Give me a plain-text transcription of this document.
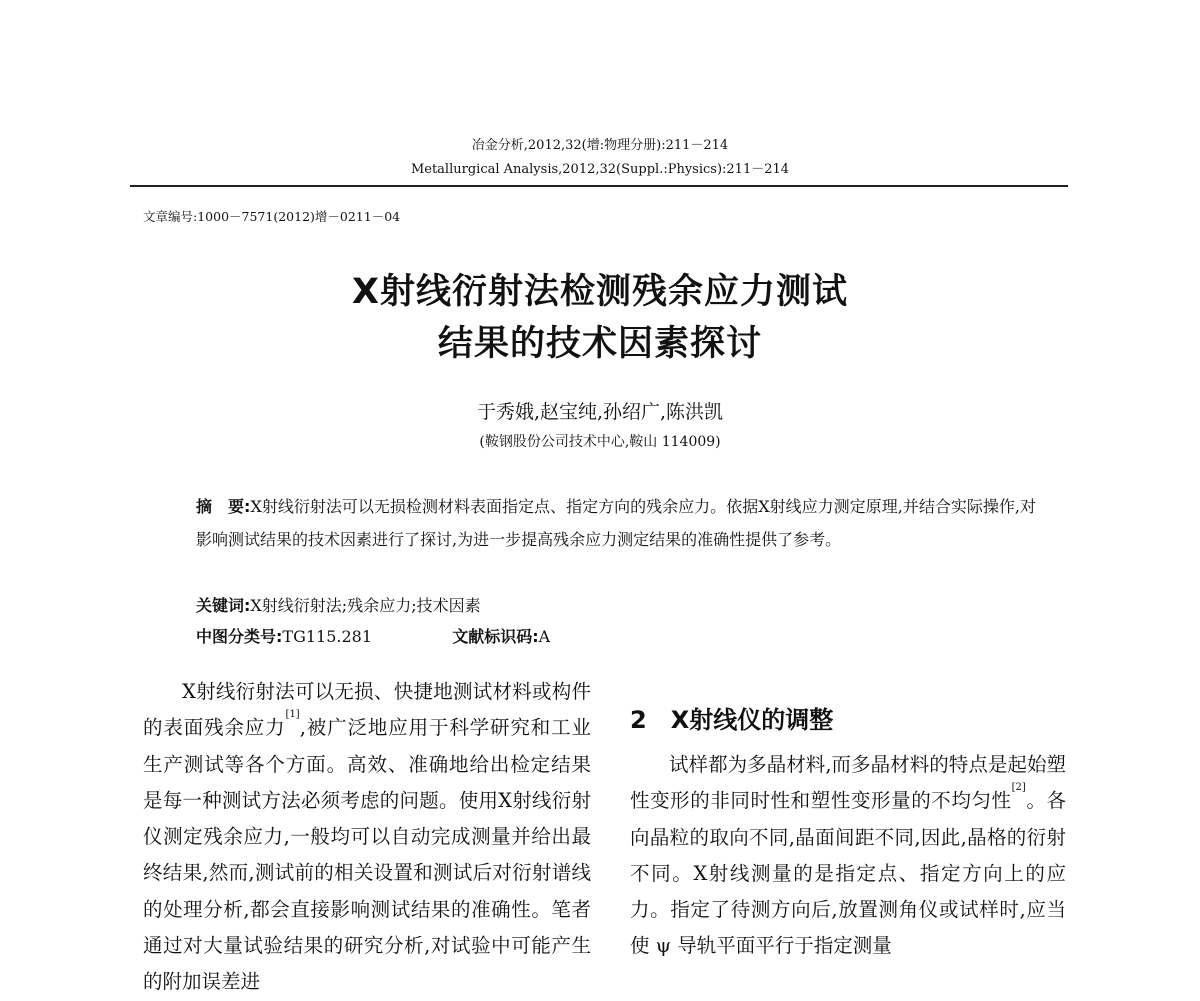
冶金分析,2012,32(增:物理分册):211－214
Metallurgical Analysis,2012,32(Suppl.:Physics):211－214
文章编号:1000－7571(2012)增－0211－04
X射线衍射法检测残余应力测试
结果的技术因素探讨
于秀娥,赵宝纯,孙绍广,陈洪凯
(鞍钢股份公司技术中心,鞍山 114009)
摘　要:X射线衍射法可以无损检测材料表面指定点、指定方向的残余应力。依据X射线应力测定原理,并结合实际操作,对影响测试结果的技术因素进行了探讨,为进一步提高残余应力测定结果的准确性提供了参考。
关键词:X射线衍射法;残余应力;技术因素
中图分类号:TG115.281	文献标识码:A

X射线衍射法可以无损、快捷地测试材料或构件的表面残余应力[1],被广泛地应用于科学研究和工业生产测试等各个方面。高效、准确地给出检定结果是每一种测试方法必须考虑的问题。使用X射线衍射仪测定残余应力,一般均可以自动完成测量并给出最终结果,然而,测试前的相关设置和测试后对衍射谱线的处理分析,都会直接影响测试结果的准确性。笔者通过对大量试验结果的研究分析,对试验中可能产生的附加误差进

2　X射线仪的调整

试样都为多晶材料,而多晶材料的特点是起始塑性变形的非同时性和塑性变形量的不均匀性[2]。各向晶粒的取向不同,晶面间距不同,因此,晶格的衍射不同。X射线测量的是指定点、指定方向上的应力。指定了待测方向后,放置测角仪或试样时,应当使 ψ 导轨平面平行于指定测量
